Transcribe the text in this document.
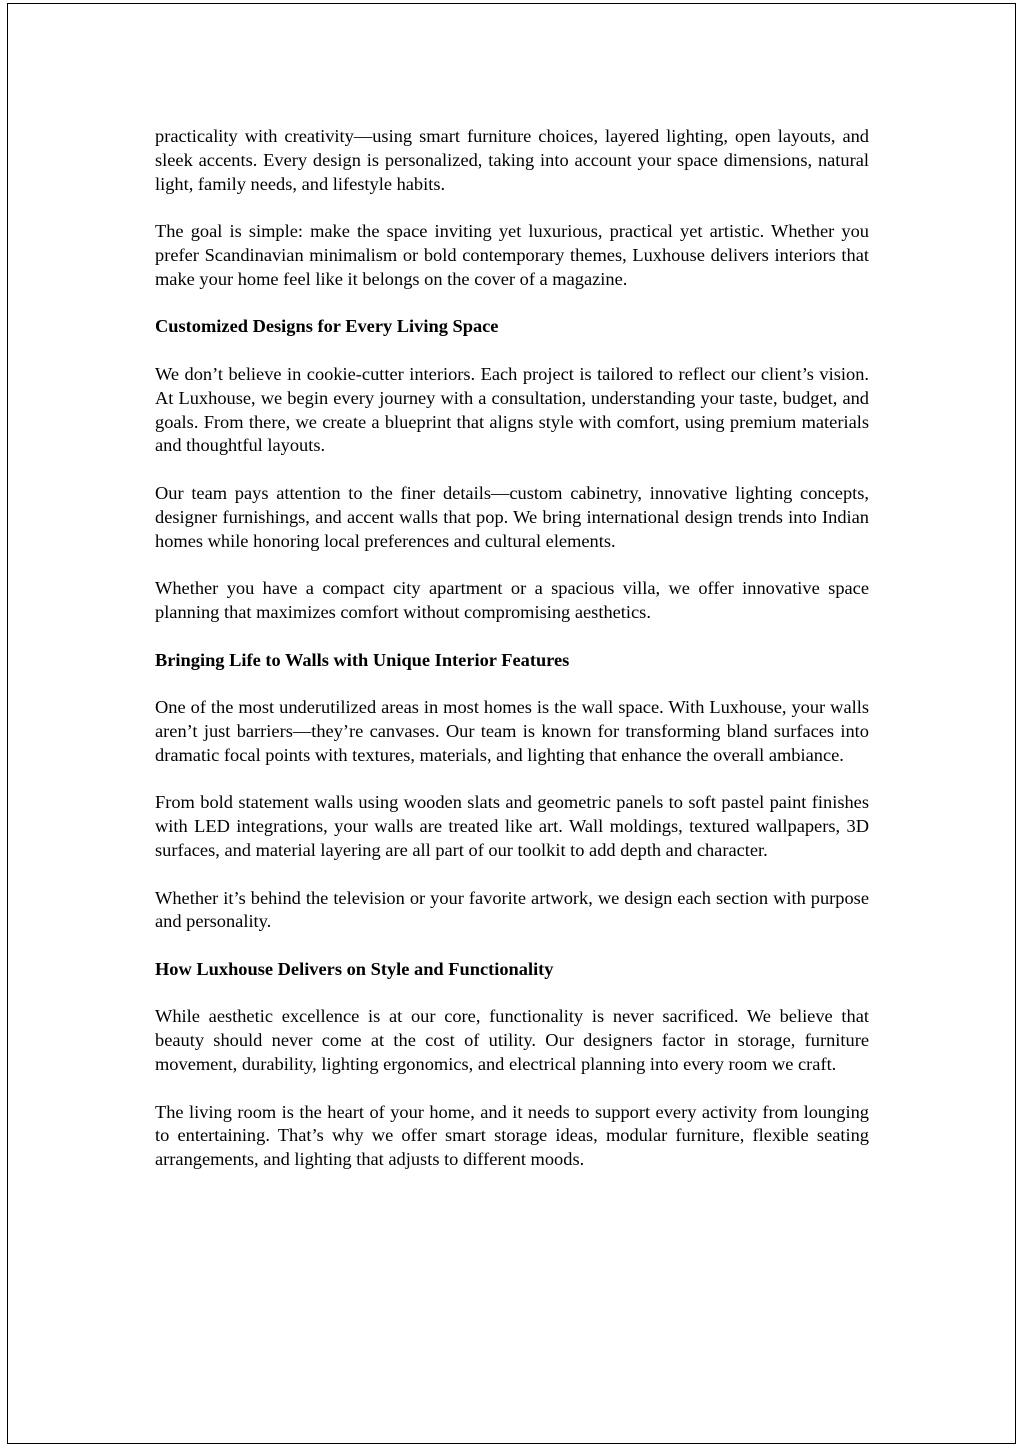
practicality with creativity—using smart furniture choices, layered lighting, open layouts, and sleek accents. Every design is personalized, taking into account your space dimensions, natural light, family needs, and lifestyle habits.

The goal is simple: make the space inviting yet luxurious, practical yet artistic. Whether you prefer Scandinavian minimalism or bold contemporary themes, Luxhouse delivers interiors that make your home feel like it belongs on the cover of a magazine.

Customized Designs for Every Living Space

We don’t believe in cookie-cutter interiors. Each project is tailored to reflect our client’s vision. At Luxhouse, we begin every journey with a consultation, understanding your taste, budget, and goals. From there, we create a blueprint that aligns style with comfort, using premium materials and thoughtful layouts.

Our team pays attention to the finer details—custom cabinetry, innovative lighting concepts, designer furnishings, and accent walls that pop. We bring international design trends into Indian homes while honoring local preferences and cultural elements.

Whether you have a compact city apartment or a spacious villa, we offer innovative space planning that maximizes comfort without compromising aesthetics.

Bringing Life to Walls with Unique Interior Features

One of the most underutilized areas in most homes is the wall space. With Luxhouse, your walls aren’t just barriers—they’re canvases. Our team is known for transforming bland surfaces into dramatic focal points with textures, materials, and lighting that enhance the overall ambiance.

From bold statement walls using wooden slats and geometric panels to soft pastel paint finishes with LED integrations, your walls are treated like art. Wall moldings, textured wallpapers, 3D surfaces, and material layering are all part of our toolkit to add depth and character.

Whether it’s behind the television or your favorite artwork, we design each section with purpose and personality.

How Luxhouse Delivers on Style and Functionality

While aesthetic excellence is at our core, functionality is never sacrificed. We believe that beauty should never come at the cost of utility. Our designers factor in storage, furniture movement, durability, lighting ergonomics, and electrical planning into every room we craft.

The living room is the heart of your home, and it needs to support every activity from lounging to entertaining. That’s why we offer smart storage ideas, modular furniture, flexible seating arrangements, and lighting that adjusts to different moods.
